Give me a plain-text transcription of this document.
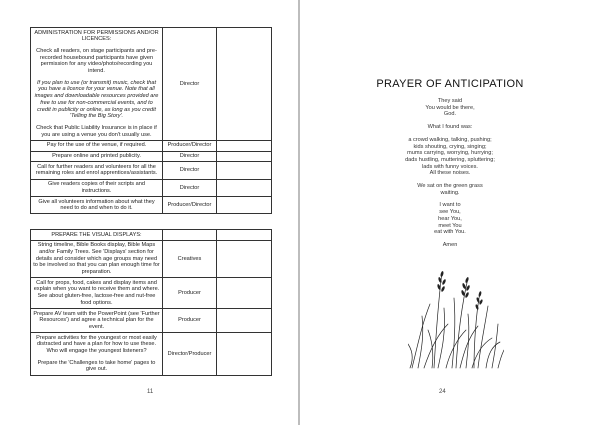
ADMINISTRATION FOR PERMISSIONS AND/OR LICENCES:

Check all readers, on stage participants and pre-recorded housebound participants have given permission for any video/photo/recording you intend.

If you plan to use (or transmit) music, check that you have a licence for your venue. Note that all images and downloadable resources provided are free to use for non-commercial events, and to credit in publicity or online, as long as you credit 'Telling the Big Story'.

Check that Public Liability Insurance is in place if you are using a venue you don't usually use.	Director	

Pay for the use of the venue, if required.	Producer/Director	

Prepare online and printed publicity.	Director	

Call for further readers and volunteers for all the remaining roles and enrol apprentices/assistants.	Director	

Give readers copies of their scripts and instructions.	Director	

Give all volunteers information about what they need to do and when to do it.	Producer/Director	

PREPARE THE VISUAL DISPLAYS:		

String timeline, Bible Books display, Bible Maps and/or Family Trees. See 'Displays' section for details and consider which age groups may need to be involved so that you can plan enough time for preparation.	Creatives	

Call for props, food, cakes and display items and explain when you want to receive them and where. See about gluten-free, lactose-free and nut-free food options.	Producer	

Prepare AV team with the PowerPoint (see 'Further Resources') and agree a technical plan for the event.	Producer	

Prepare activities for the youngest or most easily distracted and have a plan for how to use these. Who will engage the youngest listeners?

Prepare the 'Challenges to take home' pages to give out.	Director/Producer	
11
PRAYER OF ANTICIPATION

They said
You would be there,
God.

What I found was:

a crowd walking, talking, pushing;
kids shouting, crying, singing;
mums carrying, worrying, hurrying;
dads hustling, muttering, spluttering;
lads with funny voices.
All these noises.

We sat on the green grass
waiting.

I want to
see You,
hear You,
meet You
eat with You.

Amen

24
